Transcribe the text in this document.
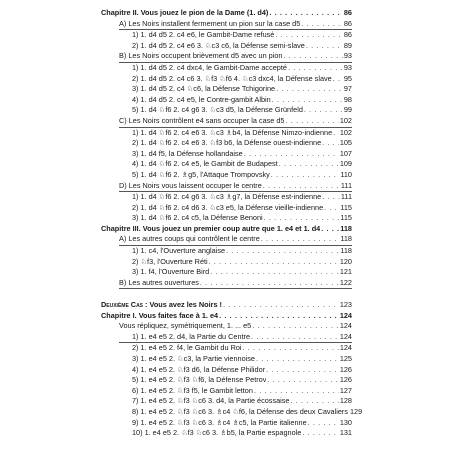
Chapitre II. Vous jouez le pion de la Dame (1. d4) . . .	86
A) Les Noirs installent fermement un pion sur la case d5 . . .	86
1) 1. d4 d5 2. c4 e6, le Gambit-Dame refusé . . .	86
2) 1. d4 d5 2. c4 e6 3. ♘c3 c6, la Défense semi-slave . . .	89
B) Les Noirs occupent brièvement d5 avec un pion . . .	93
1) 1. d4 d5 2. c4 dxc4, le Gambit-Dame accepté . . .	93
2) 1. d4 d5 2. c4 c6 3. ♘f3 ♘f6 4. ♘c3 dxc4, la Défense slave . . . 95
3) 1. d4 d5 2. c4 ♘c6, la Défense Tchigorine . . .	97
4) 1. d4 d5 2. c4 e5, le Contre-gambit Albin . . .	98
5) 1. d4 ♘f6 2. c4 g6 3. ♘c3 d5, la Défense Grünfeld . . .	99
C) Les Noirs contrôlent e4 sans occuper la case d5 . . .	102
1) 1. d4 ♘f6 2. c4 e6 3. ♘c3 ♗b4, la Défense Nimzo-indienne . . . 102
2) 1. d4 ♘f6 2. c4 e6 3. ♘f3 b6, la Défense ouest-indienne . . .	105
3) 1. d4 f5, la Défense hollandaise . . .	107
4) 1. d4 ♘f6 2. c4 e5, le Gambit de Budapest . . .	109
5) 1. d4 ♘f6 2. ♗g5, l'Attaque Trompovsky . . .	110
D) Les Noirs vous laissent occuper le centre . . .	111
1) 1. d4 ♘f6 2. c4 g6 3. ♘c3 ♗g7, la Défense est-indienne . . .	111
2) 1. d4 ♘f6 2. c4 d6 3. ♘c3 e5, la Défense vieille-indienne . . . 115
3) 1. d4 ♘f6 2. c4 c5, la Défense Benoni . . .	115
Chapitre III. Vous jouez un premier coup autre que 1. e4 et 1. d4 . . .	118
A) Les autres coups qui contrôlent le centre . . .	118
1) 1. c4, l'Ouverture anglaise . . .	118
2) ♘f3, l'Ouverture Réti . . .	120
3) 1. f4, l'Ouverture Bird . . .	121
B) Les autres ouvertures . . .	122
Deuxième Cas : Vous avez les Noirs ! . . .	123
Chapitre I. Vous faites face à 1. e4 . . .	124
Vous répliquez, symétriquement, 1. ... e5 . . .	124
1) 1. e4 e5 2. d4, la Partie du Centre . . .	124
2) 1. e4 e5 2. f4, le Gambit du Roi . . .	124
3) 1. e4 e5 2. ♘c3, la Partie viennoise . . .	125
4) 1. e4 e5 2. ♘f3 d6, la Défense Philidor . . .	126
5) 1. e4 e5 2. ♘f3 ♘f6, la Défense Petrov . . .	126
6) 1. e4 e5 2. ♘f3 f5, le Gambit letton . . .	127
7) 1. e4 e5 2. ♘f3 ♘c6 3. d4, la Partie écossaise . . .	128
8) 1. e4 e5 2. ♘f3 ♘c6 3. ♗c4 ♘f6, la Défense des deux Cavaliers 129
9) 1. e4 e5 2. ♘f3 ♘c6 3. ♗c4 ♗c5, la Partie italienne . . .	130
10) 1. e4 e5 2. ♘f3 ♘c6 3. ♗b5, la Partie espagnole . . .	131
